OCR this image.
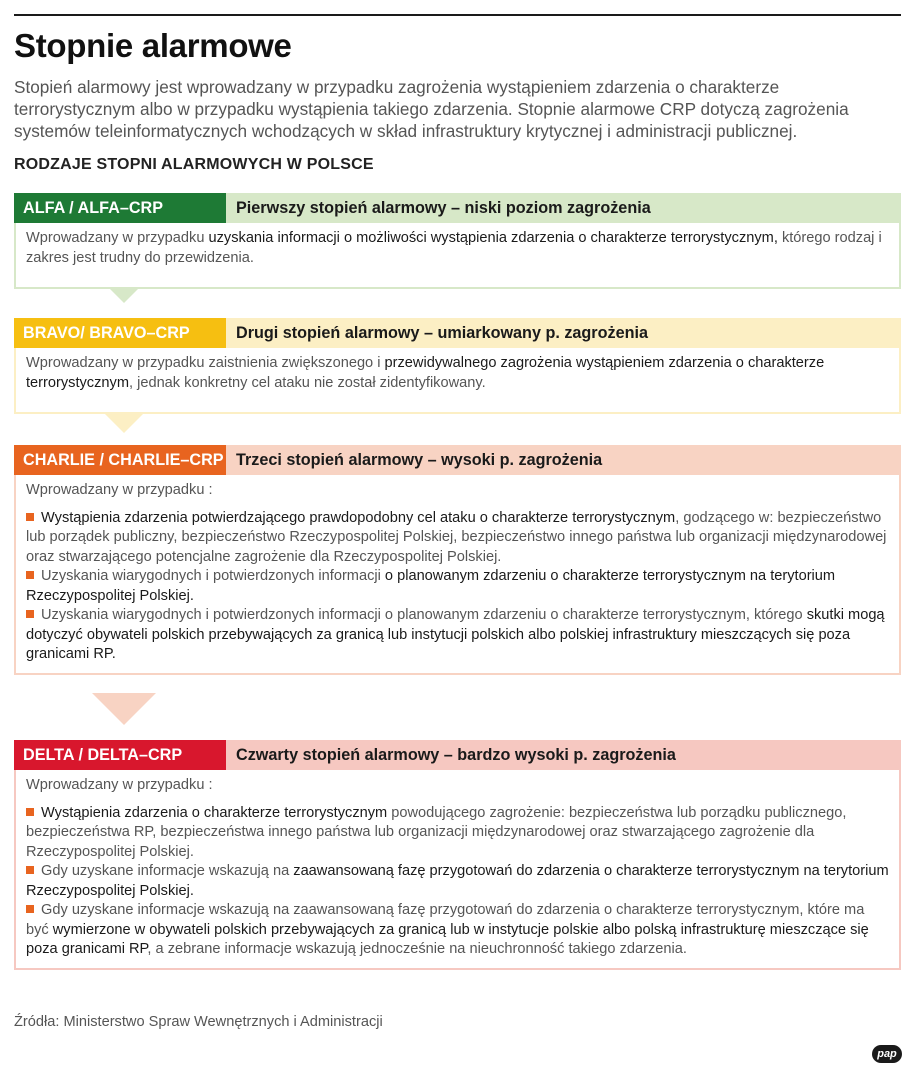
Stopnie alarmowe
Stopień alarmowy jest wprowadzany w przypadku zagrożenia wystąpieniem zdarzenia o charakterze terrorystycznym albo w przypadku wystąpienia takiego zdarzenia. Stopnie alarmowe CRP dotyczą zagrożenia systemów teleinformatycznych wchodzących w skład infrastruktury krytycznej i administracji publicznej.
RODZAJE STOPNI ALARMOWYCH W POLSCE
ALFA / ALFA–CRP	Pierwszy stopień alarmowy – niski poziom zagrożenia

Wprowadzany w przypadku uzyskania informacji o możliwości wystąpienia zdarzenia o charakterze terrorystycznym, którego rodzaj i zakres jest trudny do przewidzenia.

BRAVO/ BRAVO–CRP	Drugi stopień alarmowy – umiarkowany p. zagrożenia

Wprowadzany w przypadku zaistnienia zwiększonego i przewidywalnego zagrożenia wystąpieniem zdarzenia o charakterze terrorystycznym, jednak konkretny cel ataku nie został zidentyfikowany.

CHARLIE / CHARLIE–CRP Trzeci stopień alarmowy – wysoki p. zagrożenia

Wprowadzany w przypadku :

Wystąpienia zdarzenia potwierdzającego prawdopodobny cel ataku o charakterze terrorystycznym, godzącego w: bezpieczeństwo lub porządek publiczny, bezpieczeństwo Rzeczypospolitej Polskiej, bezpieczeństwo innego państwa lub organizacji międzynarodowej oraz stwarzającego potencjalne zagrożenie dla Rzeczypospolitej Polskiej.

Uzyskania wiarygodnych i potwierdzonych informacji o planowanym zdarzeniu o charakterze terrorystycznym na terytorium Rzeczypospolitej Polskiej.

Uzyskania wiarygodnych i potwierdzonych informacji o planowanym zdarzeniu o charakterze terrorystycznym, którego skutki mogą dotyczyć obywateli polskich przebywających za granicą lub instytucji polskich albo polskiej infrastruktury mieszczących się poza granicami RP.

DELTA / DELTA–CRP	Czwarty stopień alarmowy – bardzo wysoki p. zagrożenia

Wprowadzany w przypadku :

Wystąpienia zdarzenia o charakterze terrorystycznym powodującego zagrożenie: bezpieczeństwa lub porządku publicznego, bezpieczeństwa RP, bezpieczeństwa innego państwa lub organizacji międzynarodowej oraz stwarzającego zagrożenie dla Rzeczypospolitej Polskiej.

Gdy uzyskane informacje wskazują na zaawansowaną fazę przygotowań do zdarzenia o charakterze terrorystycznym na terytorium Rzeczypospolitej Polskiej.

Gdy uzyskane informacje wskazują na zaawansowaną fazę przygotowań do zdarzenia o charakterze terrorystycznym, które ma być wymierzone w obywateli polskich przebywających za granicą lub w instytucje polskie albo polską infrastrukturę mieszczące się poza granicami RP, a zebrane informacje wskazują jednocześnie na nieuchronność takiego zdarzenia.

Źródła: Ministerstwo Spraw Wewnętrznych i Administracji
pap
